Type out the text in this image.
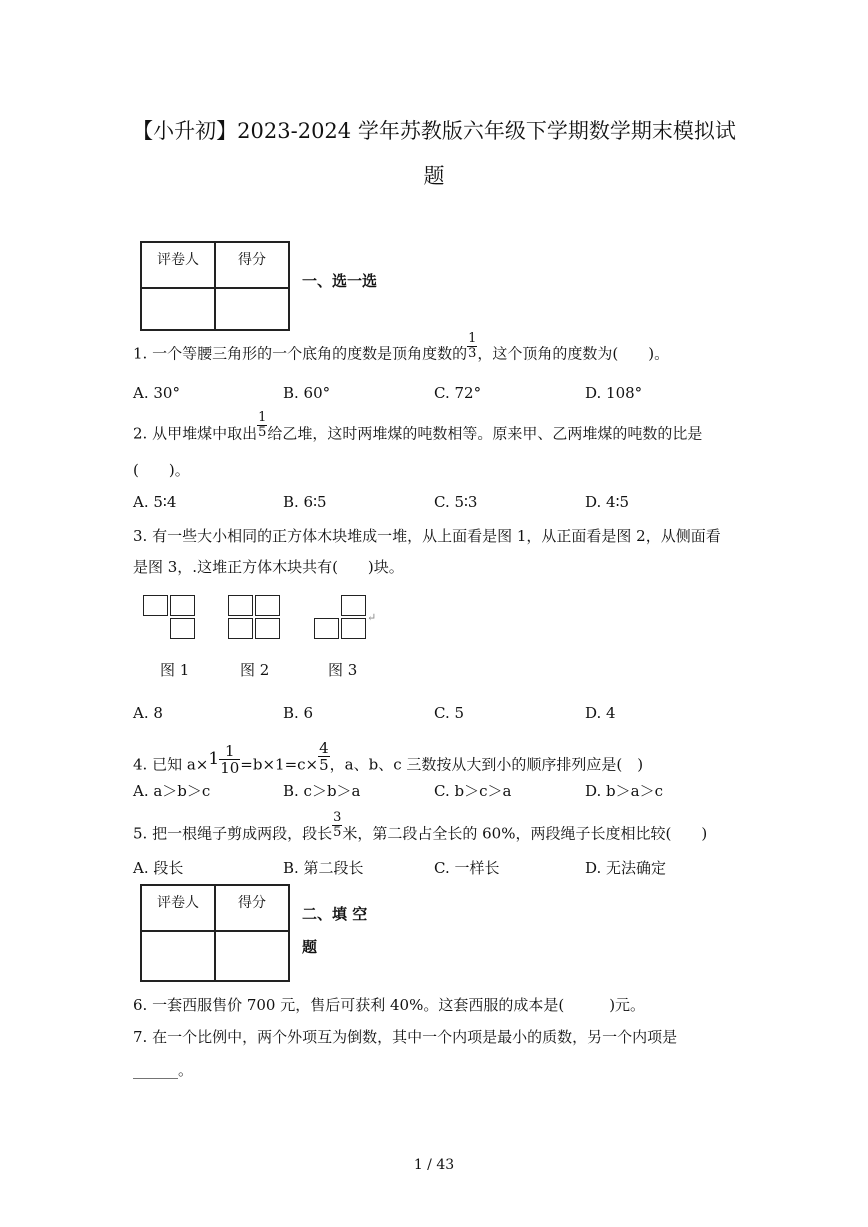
【小升初】2023-2024 学年苏教版六年级下学期数学期末模拟试
题
评卷人	得分

一、选一选
1. 一个等腰三角形的一个底角的度数是顶角度数的 $\frac{1}{3}$ ，这个顶角的度数为(　　)。
A. 30°	B. 60°	C. 72°	D. 108°
2. 从甲堆煤中取出 $\frac{1}{5}$ 给乙堆，这时两堆煤的吨数相等。原来甲、乙两堆煤的吨数的比是
(　　)。
A. 5∶4	B. 6∶5	C. 5∶3	D. 4∶5
3. 有一些大小相同的正方体木块堆成一堆，从上面看是图 1，从正面看是图 2，从侧面看
是图 3，.这堆正方体木块共有(　　)块。
↵
图 1	图 2	图 3
A. 8	B. 6	C. 5	D. 4
4. 已知 $a\times 1 \frac{1}{10} =b\times 1=c\times \frac{4}{5}$ ，a、b、c 三数按从大到小的顺序排列应是(　)
A. a＞b＞c	B. c＞b＞a	C. b＞c＞a	D. b＞a＞c
5. 把一根绳子剪成两段，段长 $\frac{3}{5}$ 米，第二段占全长的 60%，两段绳子长度相比较(　　)
A. 段长	B. 第二段长	C. 一样长	D. 无法确定
评卷人	得分

二、填 空
题
6. 一套西服售价 700 元，售后可获利 40%。这套西服的成本是(　　　)元。
7. 在一个比例中，两个外项互为倒数，其中一个内项是最小的质数，另一个内项是
______。
1 / 43
